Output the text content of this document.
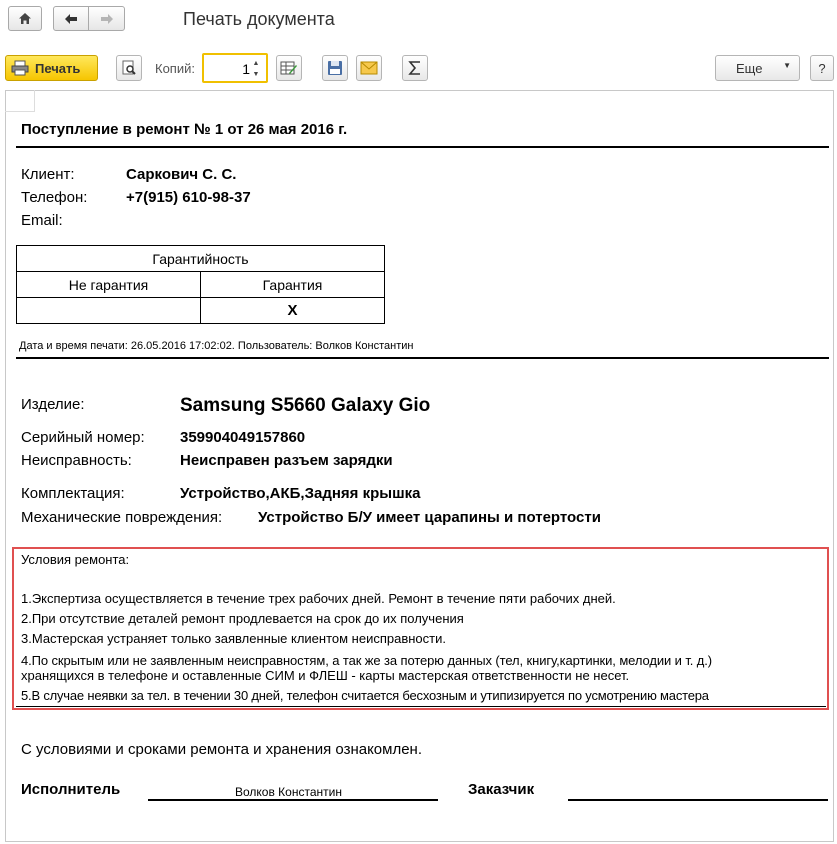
Печать документа
Печать	Копий:
1	▲
▼	Еще	▼	?
Поступление в ремонт № 1 от 26 мая 2016 г.
Клиент:	Саркович С. С.
Телефон:	+7(915) 610-98-37
Email:
Гарантийность	
Не гарантия	Гарантия
	X
Дата и время печати: 26.05.2016 17:02:02. Пользователь: Волков Константин
Изделие:	Samsung S5660 Galaxy Gio
Серийный номер: 359904049157860
Неисправность:	Неисправен разъем зарядки
Комплектация:	Устройство,АКБ,Задняя крышка
Механические повреждения: Устройство Б/У имеет царапины и потертости
Условия ремонта:
1.Экспертиза осуществляется в течение трех рабочих дней. Ремонт в течение пяти рабочих дней.
2.При отсутствие деталей ремонт продлевается на срок до их получения
3.Мастерская устраняет только заявленные клиентом неисправности.
4.По скрытым или не заявленным неисправностям, а так же за потерю данных (тел, книгу,картинки, мелодии и т. д.)
хранящихся в телефоне и оставленные СИМ и ФЛЕШ - карты мастерская ответственности не несет.
5.В случае неявки за тел. в течении 30 дней, телефон считается бесхозным и утипизируется по усмотрению мастера
С условиями и сроками ремонта и хранения ознакомлен.
Исполнитель	Волков Константин	Заказчик
